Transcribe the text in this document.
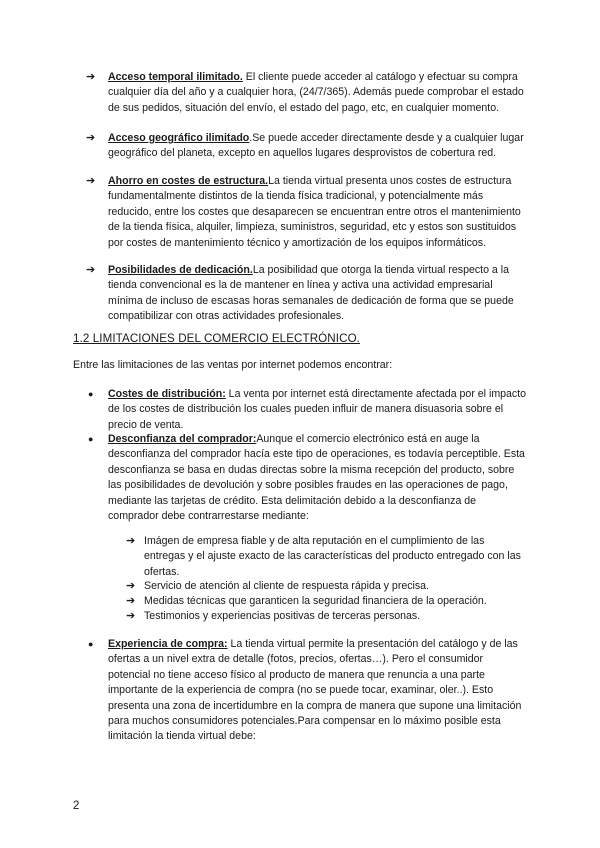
➔ Acceso temporal ilimitado. El cliente puede acceder al catálogo y efectuar su compra cualquier día del año y a cualquier hora, (24/7/365). Además puede comprobar el estado de sus pedidos, situación del envío, el estado del pago, etc, en cualquier momento.

➔ Acceso geográfico ilimitado.Se puede acceder directamente desde y a cualquier lugar geográfico del planeta, excepto en aquellos lugares desprovistos de cobertura red.

➔ Ahorro en costes de estructura.La tienda virtual presenta unos costes de estructura fundamentalmente distintos de la tienda física tradicional, y potencialmente más reducido, entre los costes que desaparecen se encuentran entre otros el mantenimiento de la tienda física, alquiler, limpieza, suministros, seguridad, etc y estos son sustituidos por costes de mantenimiento técnico y amortización de los equipos informáticos.

➔ Posibilidades de dedicación.La posibilidad que otorga la tienda virtual respecto a la tienda convencional es la de mantener en línea y activa una actividad empresarial mínima de incluso de escasas horas semanales de dedicación de forma que se puede compatibilizar con otras actividades profesionales.

1.2 LIMITACIONES DEL COMERCIO ELECTRÓNICO.

Entre las limitaciones de las ventas por internet podemos encontrar:

● Costes de distribución: La venta por internet está directamente afectada por el impacto de los costes de distribución los cuales pueden influir de manera disuasoria sobre el precio de venta.

● Desconfianza del comprador:Aunque el comercio electrónico está en auge la desconfianza del comprador hacía este tipo de operaciones, es todavía perceptible. Esta desconfianza se basa en dudas directas sobre la misma recepción del producto, sobre las posibilidades de devolución y sobre posibles fraudes en las operaciones de pago, mediante las tarjetas de crédito. Esta delimitación debido a la desconfianza de comprador debe contrarrestarse mediante:

➔ Imágen de empresa fiable y de alta reputación en el cumplimiento de las entregas y el ajuste exacto de las características del producto entregado con las ofertas.

➔ Servicio de atención al cliente de respuesta rápida y precisa.

➔ Medidas técnicas que garanticen la seguridad financiera de la operación.

➔ Testimonios y experiencias positivas de terceras personas.

● Experiencia de compra: La tienda virtual permite la presentación del catálogo y de las ofertas a un nivel extra de detalle (fotos, precios, ofertas…). Pero el consumidor potencial no tiene acceso físico al producto de manera que renuncia a una parte importante de la experiencia de compra (no se puede tocar, examinar, oler..). Esto presenta una zona de incertidumbre en la compra de manera que supone una limitación para muchos consumidores potenciales.Para compensar en lo máximo posible esta limitación la tienda virtual debe:

2
